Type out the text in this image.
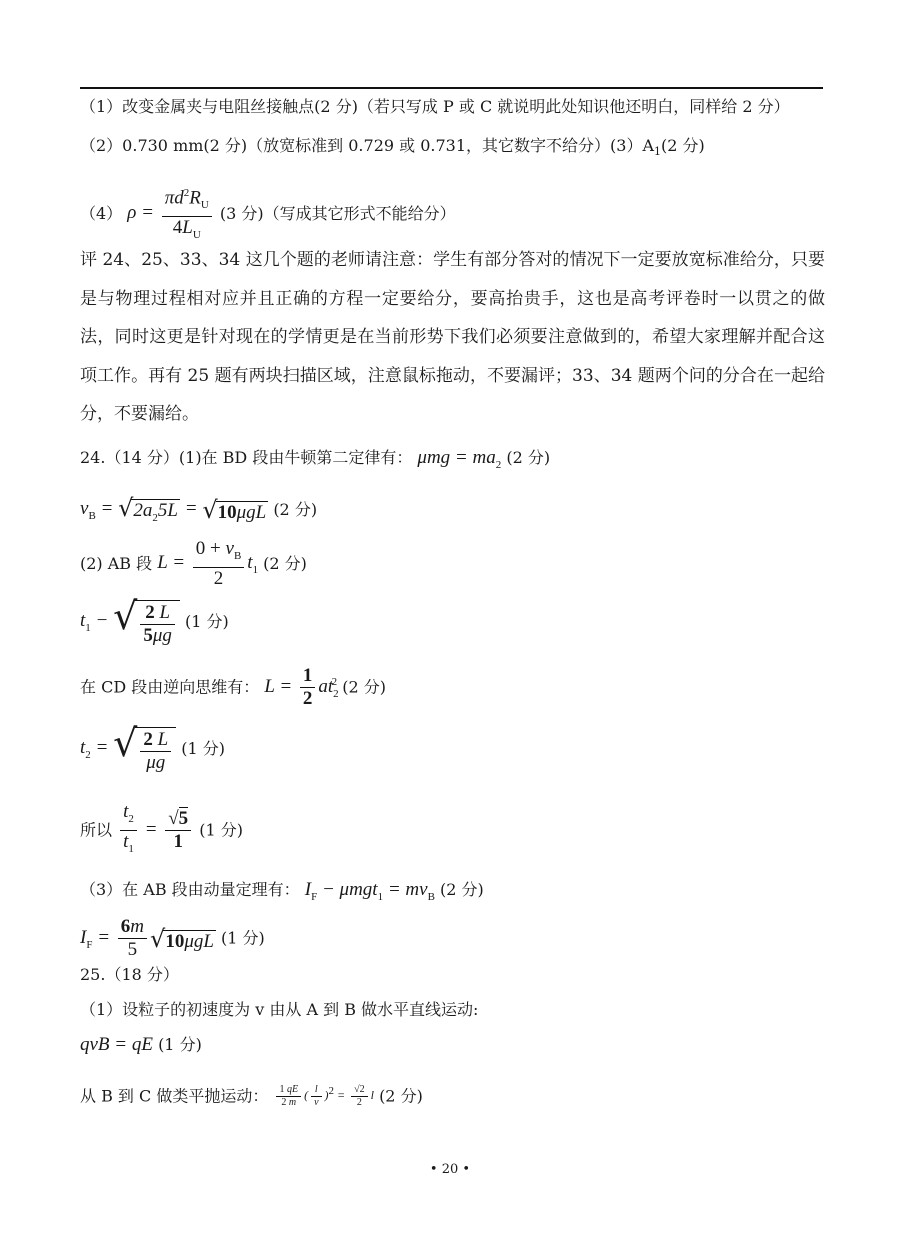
（1）改变金属夹与电阻丝接触点(2 分)（若只写成 P 或 C 就说明此处知识他还明白，同样给 2 分）
（2）0.730 mm(2 分)（放宽标准到 0.729 或 0.731，其它数字不给分）$(3)A_1(2$ 分)
（4） $\rho = \frac{\pi d^2R_U}{4L_U} (3$ 分)（写成其它形式不能给分）
评 24、25、33、34 这几个题的老师请注意：学生有部分答对的情况下一定要放宽标准给分，只要是与物理过程相对应并且正确的方程一定要给分，要高抬贵手，这也是高考评卷时一以贯之的做法，同时这更是针对现在的学情更是在当前形势下我们必须要注意做到的，希望大家理解并配合这项工作。再有 25 题有两块扫描区域，注意鼠标拖动，不要漏评；33、34 题两个问的分合在一起给分，不要漏给。
24.（14 分）(1)在 BD 段由牛顿第二定律有： $\mu mg = ma_2$ (2 分)
$v_B = √2a_25L = √10\mu gL$ (2 分)
(2) AB 段 $L = \frac{0 + v_B}{2} t_1$ (2 分)
$t_1$ − √ $\frac{2 L}{5\mu g} (1$ 分)
在 CD 段由逆向思维有： $L = \frac{1}{2} at_2^2$ (2 分)
$t_2$ = √ $\frac{2 L}{\mu g} (1$ 分)
所以 $\frac{t_2}{t_1} = \frac{√5}{1} (1$ 分)
（3）在 AB 段由动量定理有： $I_F - \mu mgt_1 = mv_B$ (2 分)
$I_F = \frac{6m}{5} √10\mu gL$ (1 分)
25.（18 分）
（1）设粒子的初速度为 v 由从 A 到 B 做水平直线运动:
qvB = qE (1 分)
从 B 到 C 做类平抛运动： $\frac{1 qE}{2 m}$ ( $\frac{l}{v} )^2 = \frac{√2}{2}$ l (2 分)
• 20 •
